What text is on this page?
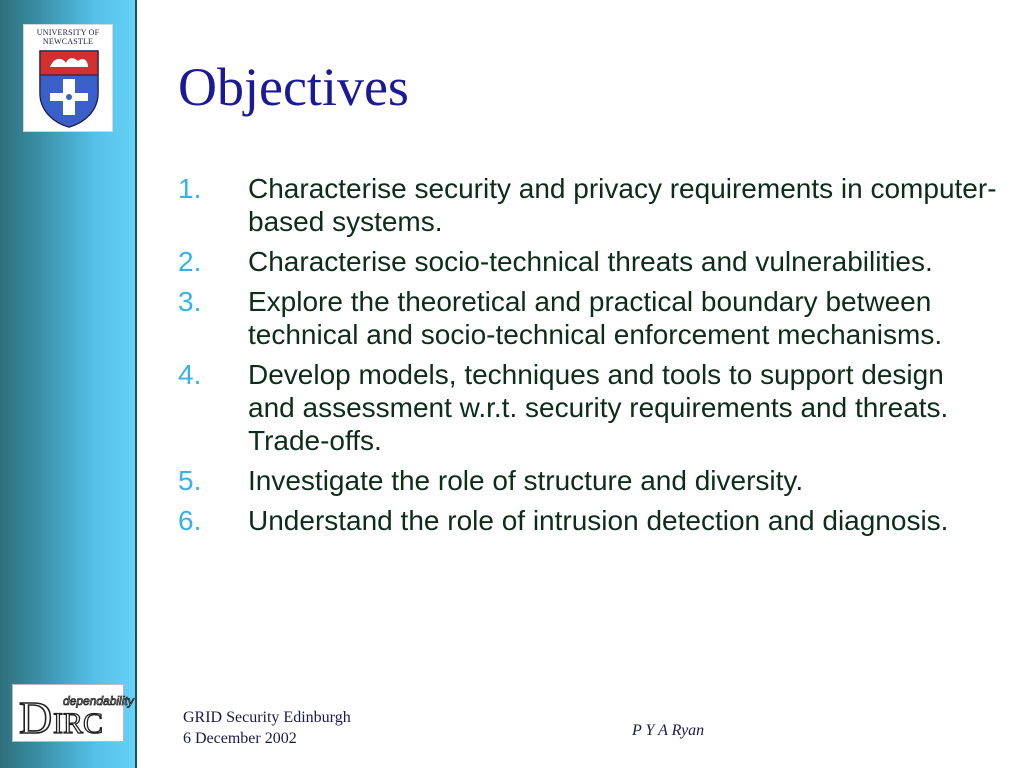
UNIVERSITY OF
NEWCASTLE
D IRC
dependability
Objectives
1. Characterise security and privacy requirements in computer-based systems.
2. Characterise socio-technical threats and vulnerabilities.
3. Explore the theoretical and practical boundary between technical and socio-technical enforcement mechanisms.
4. Develop models, techniques and tools to support design and assessment w.r.t. security requirements and threats. Trade-offs.
5. Investigate the role of structure and diversity.
6. Understand the role of intrusion detection and diagnosis.
GRID Security Edinburgh
6 December 2002	P Y A Ryan
